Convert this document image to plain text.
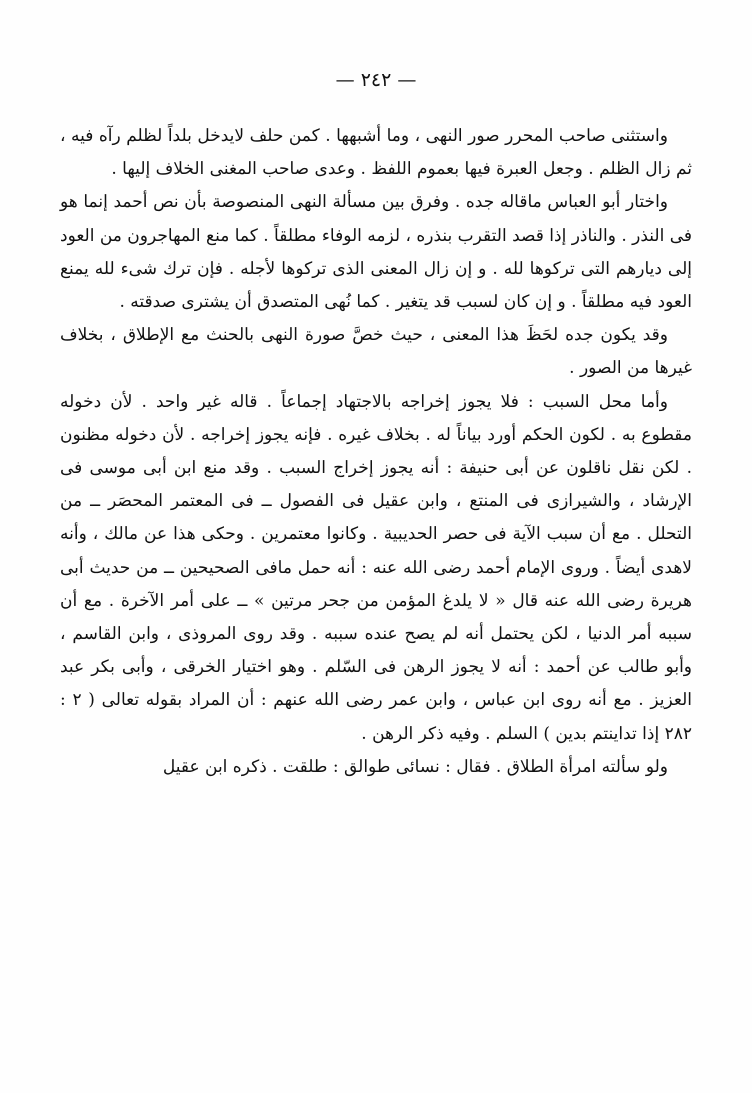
— ٢٤٢ —

واستثنى صاحب المحرر صور النهى ، وما أشبهها . كمن حلف لايدخل بلداً لظلم رآه فيه ، ثم زال الظلم . وجعل العبرة فيها بعموم اللفظ . وعدى صاحب المغنى الخلاف إليها .

واختار أبو العباس ماقاله جده . وفرق بين مسألة النهى المنصوصة بأن نص أحمد إنما هو فى النذر . والناذر إذا قصد التقرب بنذره ، لزمه الوفاء مطلقاً . كما منع المهاجرون من العود إلى ديارهم التى تركوها لله . و إن زال المعنى الذى تركوها لأجله . فإن ترك شىء لله يمنع العود فيه مطلقاً . و إن كان لسبب قد يتغير . كما نُهى المتصدق أن يشترى صدقته .

وقد يكون جده لحَظَ هذا المعنى ، حيث خصَّ صورة النهى بالحنث مع الإطلاق ، بخلاف غيرها من الصور .

وأما محل السبب : فلا يجوز إخراجه بالاجتهاد إجماعاً . قاله غير واحد . لأن دخوله مقطوع به . لكون الحكم أورد بياناً له . بخلاف غيره . فإنه يجوز إخراجه . لأن دخوله مظنون . لكن نقل ناقلون عن أبى حنيفة : أنه يجوز إخراج السبب . وقد منع ابن أبى موسى فى الإرشاد ، والشيرازى فى المنتع ، وابن عقيل فى الفصول ــ فى المعتمر المحصَر ــ من التحلل . مع أن سبب الآية فى حصر الحديبية . وكانوا معتمرين . وحكى هذا عن مالك ، وأنه لاهدى أيضاً . وروى الإمام أحمد رضى الله عنه : أنه حمل مافى الصحيحين ــ من حديث أبى هريرة رضى الله عنه قال « لا يلدغ المؤمن من جحر مرتين » ــ على أمر الآخرة . مع أن سببه أمر الدنيا ، لكن يحتمل أنه لم يصح عنده سببه . وقد روى المروذى ، وابن القاسم ، وأبو طالب عن أحمد : أنه لا يجوز الرهن فى السّلم . وهو اختيار الخرقى ، وأبى بكر عبد العزيز . مع أنه روى ابن عباس ، وابن عمر رضى الله عنهم : أن المراد بقوله تعالى ( ٢ : ٢٨٢ إذا تداينتم بدين ) السلم . وفيه ذكر الرهن .

ولو سألته امرأة الطلاق . فقال : نسائى طوالق : طلقت . ذكره ابن عقيل
